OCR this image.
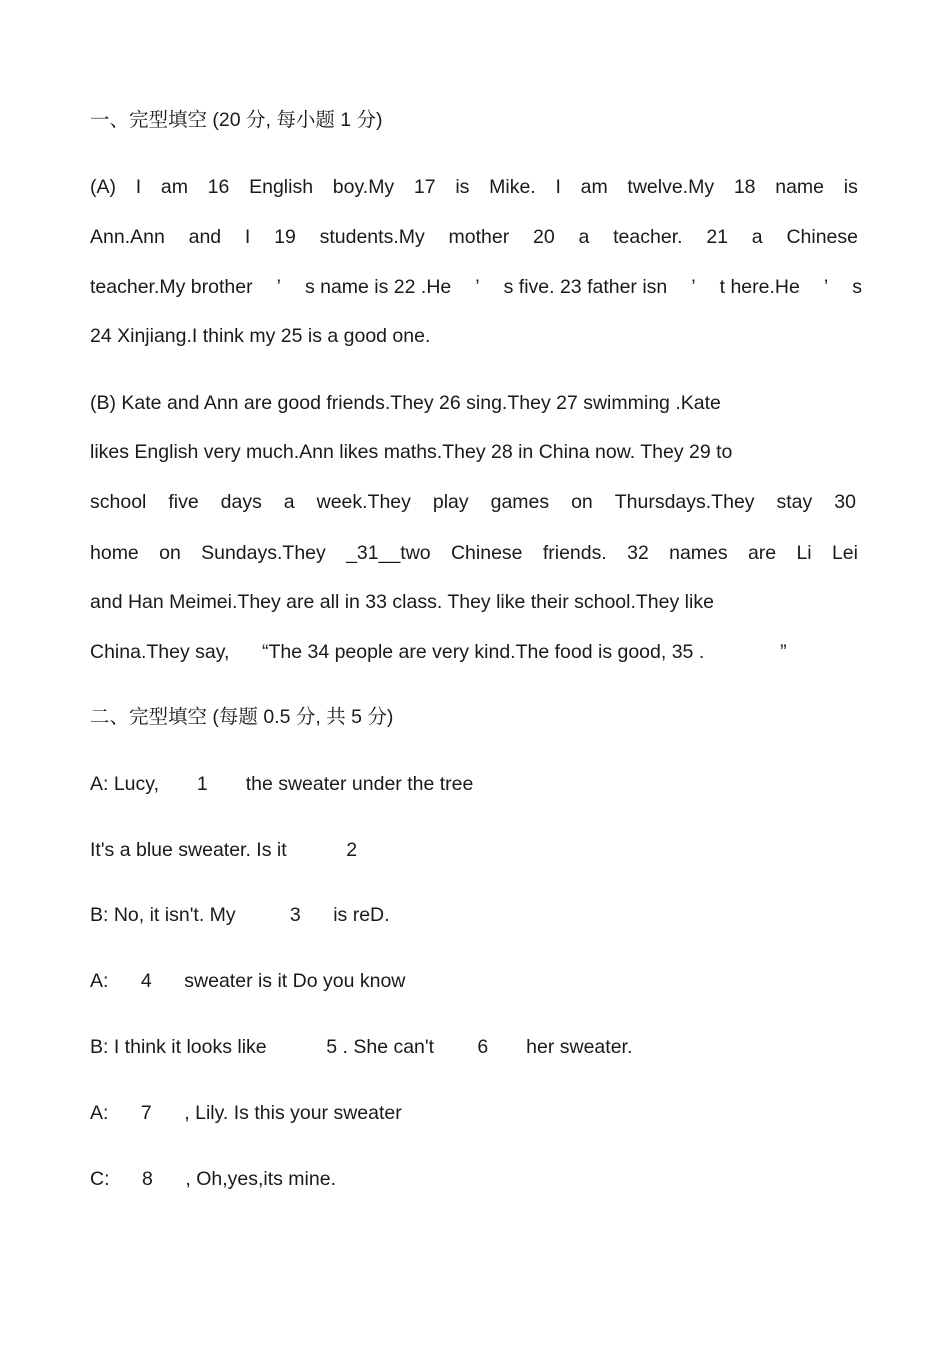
一、完型填空 (20 分, 每小题 1 分)
(A) I am 16 English boy.My 17 is Mike. I am twelve.My 18 name is
Ann.Ann and I 19 students.My mother 20 a teacher. 21 a Chinese
teacher.My brother ’ s name is 22 .He ’ s five. 23 father isn ’ t here.He ’ s
24 Xinjiang.I think my 25 is a good one.
(B) Kate and Ann are good friends.They 26 sing.They 27 swimming .Kate
likes English very much.Ann likes maths.They 28 in China now. They 29 to
school five days a week.They play games on Thursdays.They stay 30
home on Sundays.They _31__two Chinese friends. 32 names are Li Lei
and Han Meimei.They are all in 33 class. They like their school.They like
China.They say,      “The 34 people are very kind.The food is good, 35 .              ”
二、完型填空 (每题 0.5 分, 共 5 分)
A: Lucy,       1       the sweater under the tree
It's a blue sweater. Is it           2
B: No, it isn't. My          3      is reD.
A:      4      sweater is it Do you know
B: I think it looks like           5 . She can't        6       her sweater.
A:      7      , Lily. Is this your sweater
C:      8      , Oh,yes,its mine.
